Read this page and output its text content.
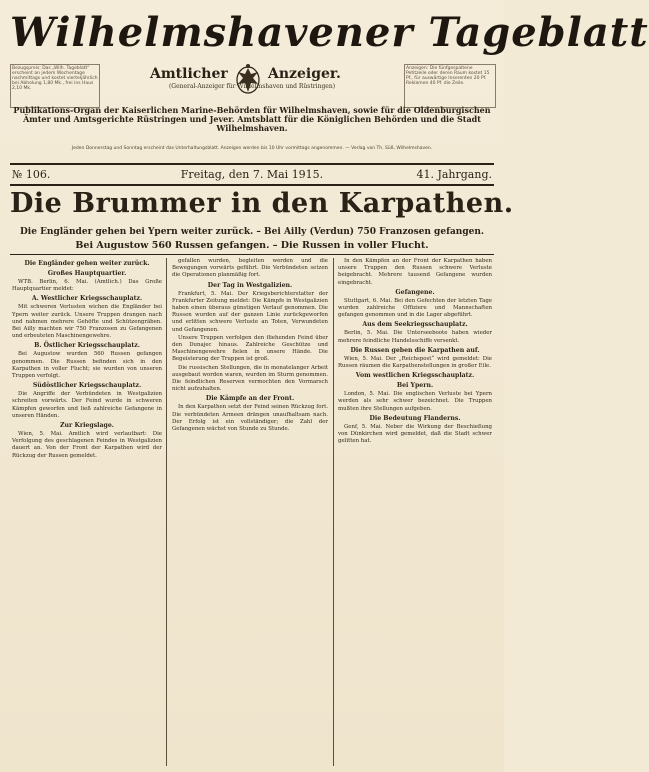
Wilhelmshavener Tageblatt
Bezugspreis: Das „Wilh. Tageblatt“ erscheint an jedem Wochentage nachmittags und kostet vierteljährlich bei Abholung 1,80 Mk., frei ins Haus 2,10 Mk.
Anzeigen: Die fünfgespaltene Petitzeile oder deren Raum kostet 15 Pf., für auswärtige Inserenten 20 Pf. Reklamen 40 Pf. die Zeile.
Amtlicher	Anzeiger.
(General-Anzeiger für Wilhelmshaven und Rüstringen)
Publikations-Organ der Kaiserlichen Marine-Behörden für Wilhelmshaven, sowie für die Oldenburgischen Ämter und Amtsgerichte Rüstringen und Jever. Amtsblatt für die Königlichen Behörden und die Stadt Wilhelmshaven.
Jeden Donnerstag und Sonntag erscheint das Unterhaltungsblatt. Anzeigen werden bis 10 Uhr vormittags angenommen. — Verlag von Th. Süß, Wilhelmshaven.
Freitag, den 7. Mai 1915.
№ 106.	41. Jahrgang.
Die Brummer in den Karpathen.
Die Engländer gehen bei Ypern weiter zurück. – Bei Ailly (Verdun) 750 Franzosen gefangen.
Bei Augustow 560 Russen gefangen. – Die Russen in voller Flucht.
Die Engländer gehen weiter zurück.
Großes Hauptquartier.

WTB. Berlin, 6. Mai. (Amtlich.) Das Große Hauptquartier meldet:

A. Westlicher Kriegsschauplatz.

Mit schweren Verlusten wichen die Engländer bei Ypern weiter zurück. Unsere Truppen drangen nach und nahmen mehrere Gehöfte und Schützengräben. Bei Ailly machten wir 750 Franzosen zu Gefangenen und erbeuteten Maschinengewehre.

B. Östlicher Kriegsschauplatz.

Bei Augustow wurden 560 Russen gefangen genommen. Die Russen befinden sich in den Karpathen in voller Flucht; sie wurden von unseren Truppen verfolgt.

Südöstlicher Kriegsschauplatz.

Die Angriffe der Verbündeten in Westgalizien schreiten vorwärts. Der Feind wurde in schweren Kämpfen geworfen und ließ zahlreiche Gefangene in unseren Händen.

Zur Kriegslage.

Wien, 5. Mai. Amtlich wird verlautbart: Die Verfolgung des geschlagenen Feindes in Westgalizien dauert an. Von der Front der Karpathen wird der Rückzug der Russen gemeldet.

gefallen wurden, begleiten werden und die Bewegungen vorwärts geführt. Die Verbündeten setzen die Operationen planmäßig fort.

Der Tag in Westgalizien.

Frankfurt, 5. Mai. Der Kriegsberichterstatter der Frankfurter Zeitung meldet: Die Kämpfe in Westgalizien haben einen überaus günstigen Verlauf genommen. Die Russen wurden auf der ganzen Linie zurückgeworfen und erlitten schwere Verluste an Toten, Verwundeten und Gefangenen.

Unsere Truppen verfolgen den fliehenden Feind über den Dunajec hinaus. Zahlreiche Geschütze und Maschinengewehre fielen in unsere Hände. Die Begeisterung der Truppen ist groß.

Die russischen Stellungen, die in monatelanger Arbeit ausgebaut worden waren, wurden im Sturm genommen. Die feindlichen Reserven vermochten den Vormarsch nicht aufzuhalten.

Die Kämpfe an der Front.

In den Karpathen setzt der Feind seinen Rückzug fort. Die verbündeten Armeen drängen unaufhaltsam nach. Der Erfolg ist ein vollständiger; die Zahl der Gefangenen wächst von Stunde zu Stunde.

In den Kämpfen an der Front der Karpathen haben unsere Truppen den Russen schwere Verluste beigebracht. Mehrere tausend Gefangene wurden eingebracht.

Gefangene.

Stuttgart, 6. Mai. Bei den Gefechten der letzten Tage wurden zahlreiche Offiziere und Mannschaften gefangen genommen und in die Lager abgeführt.

Aus dem Seekriegsschauplatz.

Berlin, 5. Mai. Die Unterseeboote haben wieder mehrere feindliche Handelsschiffe versenkt.

Die Russen geben die Karpathen auf.

Wien, 5. Mai. Der „Reichspost“ wird gemeldet: Die Russen räumen die Karpathenstellungen in großer Eile.

Vom westlichen Kriegsschauplatz.
Bei Ypern.

London, 5. Mai. Die englischen Verluste bei Ypern werden als sehr schwer bezeichnet. Die Truppen mußten ihre Stellungen aufgeben.

Die Bedeutung Flanderns.

Genf, 5. Mai. Neber die Wirkung der Beschießung von Dünkirchen wird gemeldet, daß die Stadt schwer gelitten hat.
